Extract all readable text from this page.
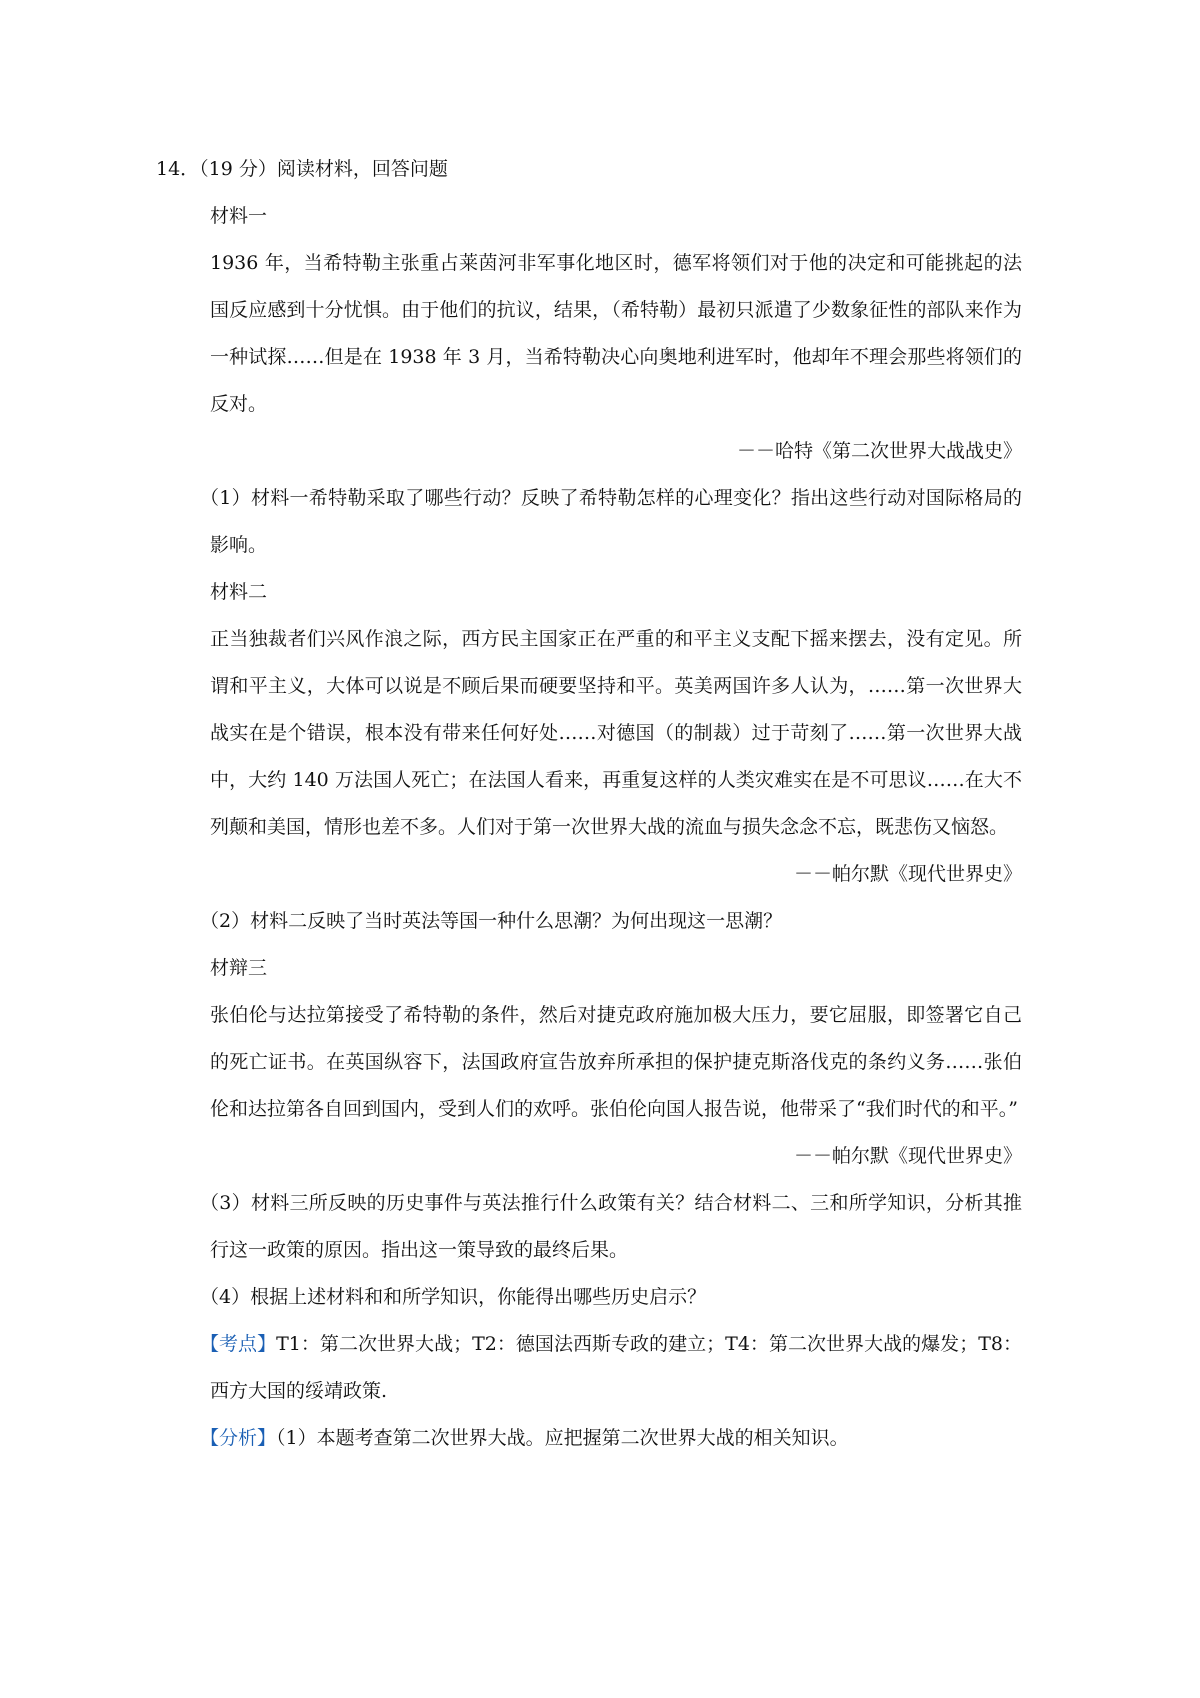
14．（19 分）阅读材料，回答问题

材料一

1936 年，当希特勒主张重占莱茵河非军事化地区时，德军将领们对于他的决定和可能挑起的法国反应感到十分忧惧。由于他们的抗议，结果，（希特勒）最初只派遣了少数象征性的部队来作为一种试探……但是在 1938 年 3 月，当希特勒决心向奥地利进军时，他却年不理会那些将领们的反对。

－－哈特《第二次世界大战战史》

（1）材料一希特勒采取了哪些行动？反映了希特勒怎样的心理变化？指出这些行动对国际格局的影响。

材料二

正当独裁者们兴风作浪之际，西方民主国家正在严重的和平主义支配下摇来摆去，没有定见。所谓和平主义，大体可以说是不顾后果而硬要坚持和平。英美两国许多人认为，……第一次世界大战实在是个错误，根本没有带来任何好处……对德国（的制裁）过于苛刻了……第一次世界大战中，大约 140 万法国人死亡；在法国人看来，再重复这样的人类灾难实在是不可思议……在大不列颠和美国，情形也差不多。人们对于第一次世界大战的流血与损失念念不忘，既悲伤又恼怒。

－－帕尔默《现代世界史》

（2）材料二反映了当时英法等国一种什么思潮？为何出现这一思潮？

材辩三

张伯伦与达拉第接受了希特勒的条件，然后对捷克政府施加极大压力，要它屈服，即签署它自己的死亡证书。在英国纵容下，法国政府宣告放弃所承担的保护捷克斯洛伐克的条约义务……张伯伦和达拉第各自回到国内，受到人们的欢呼。张伯伦向国人报告说，他带采了“我们时代的和平。”

－－帕尔默《现代世界史》

（3）材料三所反映的历史事件与英法推行什么政策有关？结合材料二、三和所学知识，分析其推行这一政策的原因。指出这一策导致的最终后果。

（4）根据上述材料和和所学知识，你能得出哪些历史启示？

【考点】T1：第二次世界大战；T2：德国法西斯专政的建立；T4：第二次世界大战的爆发；T8：西方大国的绥靖政策.

【分析】（1）本题考查第二次世界大战。应把握第二次世界大战的相关知识。
